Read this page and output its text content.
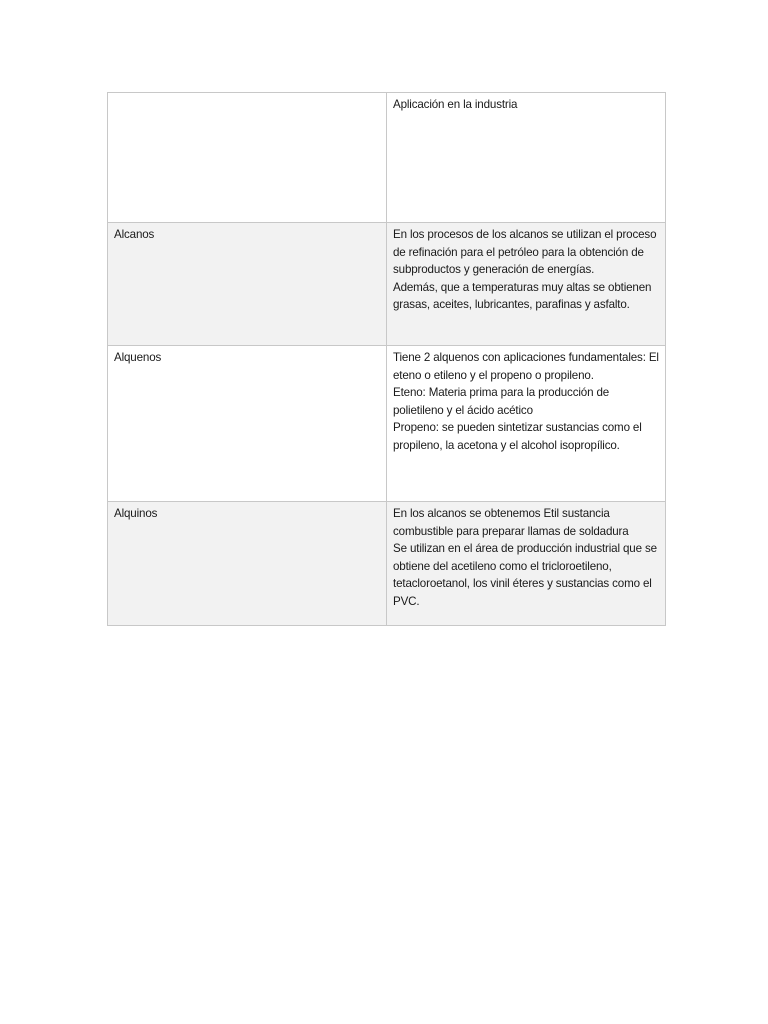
	Aplicación en la industria
Alcanos	En los procesos de los alcanos se utilizan el proceso de refinación para el petróleo para la obtención de subproductos y generación de energías.
Además, que a temperaturas muy altas se obtienen grasas, aceites, lubricantes, parafinas y asfalto.

Alquenos	Tiene 2 alquenos con aplicaciones fundamentales: El eteno o etileno y el propeno o propileno.
Eteno: Materia prima para la producción de polietileno y el ácido acético
Propeno: se pueden sintetizar sustancias como el propileno, la acetona y el alcohol isopropílico.

Alquinos	En los alcanos se obtenemos Etil sustancia combustible para preparar llamas de soldadura
Se utilizan en el área de producción industrial que se obtiene del acetileno como el tricloroetileno, tetacloroetanol, los vinil éteres y sustancias como el PVC.
